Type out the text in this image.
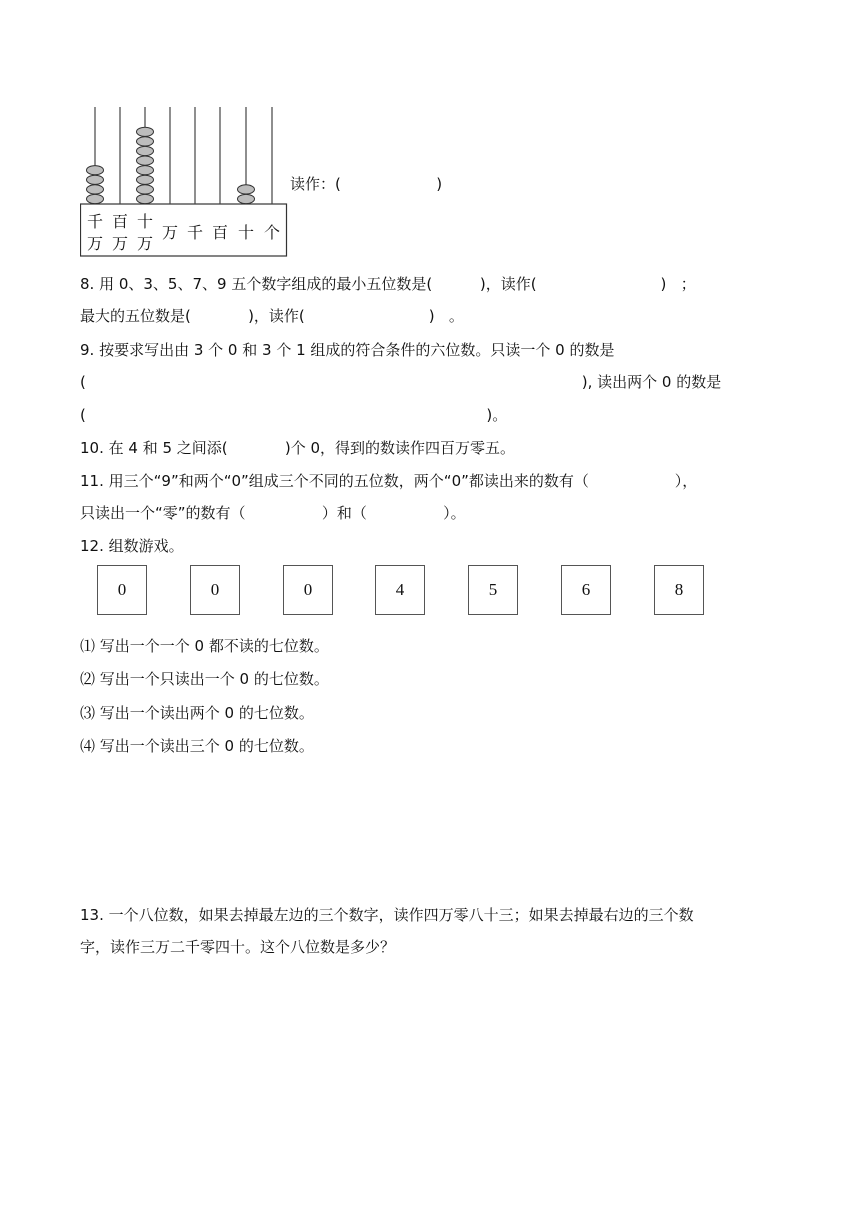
千
万
百
万
十
万
万 千 百 十 个
读作：(                    )
8. 用 0、3、5、7、9 五个数字组成的最小五位数是(          )，读作(                          )   ；
最大的五位数是(            )，读作(                          )   。
9. 按要求写出由 3 个 0 和 3 个 1 组成的符合条件的六位数。只读一个 0 的数是
(                                                                                                        ), 读出两个 0 的数是
(                                                                                    )。
10. 在 4 和 5 之间添(            )个 0，得到的数读作四百万零五。
11. 用三个“9”和两个“0”组成三个不同的五位数，两个“0”都读出来的数有（                  ），
只读出一个“零”的数有（                ）和（                ）。
12. 组数游戏。
0	0	0	4	5	6	8
⑴ 写出一个一个 0 都不读的七位数。
⑵ 写出一个只读出一个 0 的七位数。
⑶ 写出一个读出两个 0 的七位数。
⑷ 写出一个读出三个 0 的七位数。
13. 一个八位数，如果去掉最左边的三个数字，读作四万零八十三；如果去掉最右边的三个数
字，读作三万二千零四十。这个八位数是多少？
